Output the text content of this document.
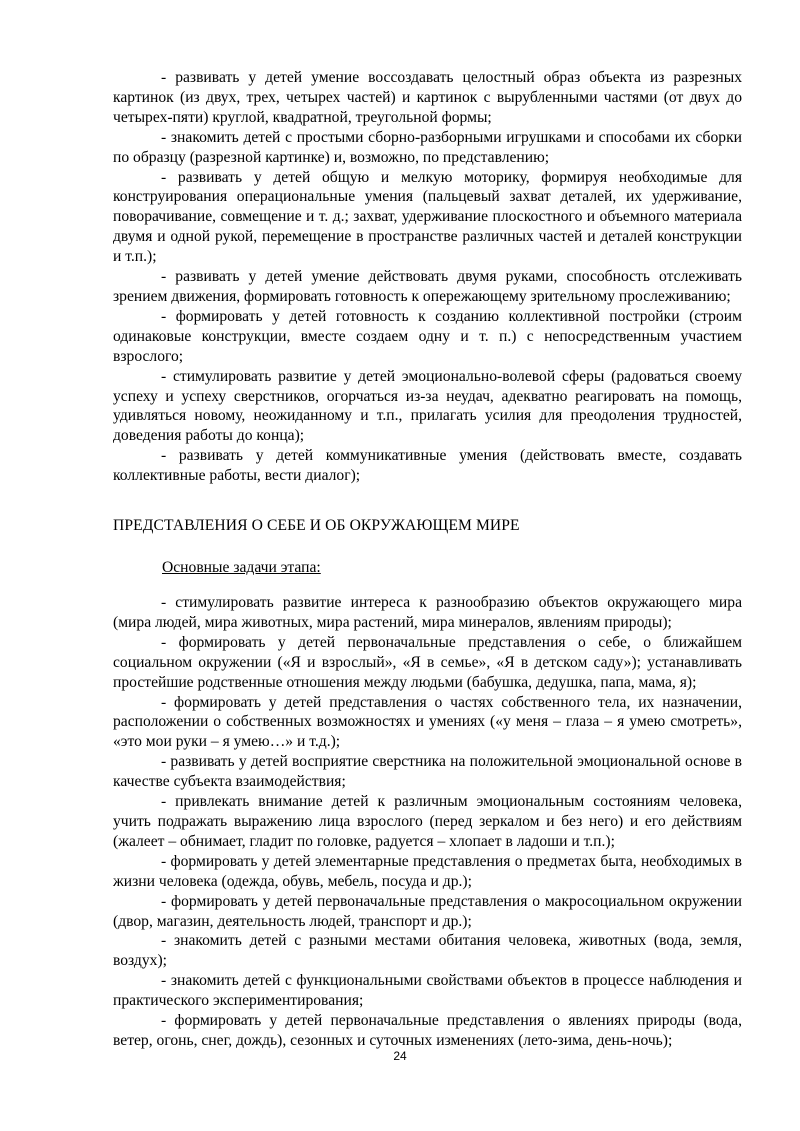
- развивать у детей умение воссоздавать целостный образ объекта из разрезных картинок (из двух, трех, четырех частей) и картинок с вырубленными частями (от двух до четырех-пяти) круглой, квадратной, треугольной формы;

- знакомить детей с простыми сборно-разборными игрушками и способами их сборки по образцу (разрезной картинке) и, возможно, по представлению;

- развивать у детей общую и мелкую моторику, формируя необходимые для конструирования операциональные умения (пальцевый захват деталей, их удерживание, поворачивание, совмещение и т. д.; захват, удерживание плоскостного и объемного материала двумя и одной рукой, перемещение в пространстве различных частей и деталей конструкции и т.п.);

- развивать у детей умение действовать двумя руками, способность отслеживать зрением движения, формировать готовность к опережающему зрительному прослеживанию;

- формировать у детей готовность к созданию коллективной постройки (строим одинаковые конструкции, вместе создаем одну и т. п.) с непосредственным участием взрослого;

- стимулировать развитие у детей эмоционально-волевой сферы (радоваться своему успеху и успеху сверстников, огорчаться из-за неудач, адекватно реагировать на помощь, удивляться новому, неожиданному и т.п., прилагать усилия для преодоления трудностей, доведения работы до конца);

- развивать у детей коммуникативные умения (действовать вместе, создавать коллективные работы, вести диалог);

ПРЕДСТАВЛЕНИЯ О СЕБЕ И ОБ ОКРУЖАЮЩЕМ МИРЕ

Основные задачи этапа:

- стимулировать развитие интереса к разнообразию объектов окружающего мира (мира людей, мира животных, мира растений, мира минералов, явлениям природы);

- формировать у детей первоначальные представления о себе, о ближайшем социальном окружении («Я и взрослый», «Я в семье», «Я в детском саду»); устанавливать простейшие родственные отношения между людьми (бабушка, дедушка, папа, мама, я);

- формировать у детей представления о частях собственного тела, их назначении, расположении о собственных возможностях и умениях («у меня – глаза – я умею смотреть», «это мои руки – я умею…» и т.д.);

- развивать у детей восприятие сверстника на положительной эмоциональной основе в качестве субъекта взаимодействия;

- привлекать внимание детей к различным эмоциональным состояниям человека, учить подражать выражению лица взрослого (перед зеркалом и без него) и его действиям (жалеет – обнимает, гладит по головке, радуется – хлопает в ладоши и т.п.);

- формировать у детей элементарные представления о предметах быта, необходимых в жизни человека (одежда, обувь, мебель, посуда и др.);

- формировать у детей первоначальные представления о макросоциальном окружении (двор, магазин, деятельность людей, транспорт и др.);

- знакомить детей с разными местами обитания человека, животных (вода, земля, воздух);

- знакомить детей с функциональными свойствами объектов в процессе наблюдения и практического экспериментирования;

- формировать у детей первоначальные представления о явлениях природы (вода, ветер, огонь, снег, дождь), сезонных и суточных изменениях (лето-зима, день-ночь);

24
